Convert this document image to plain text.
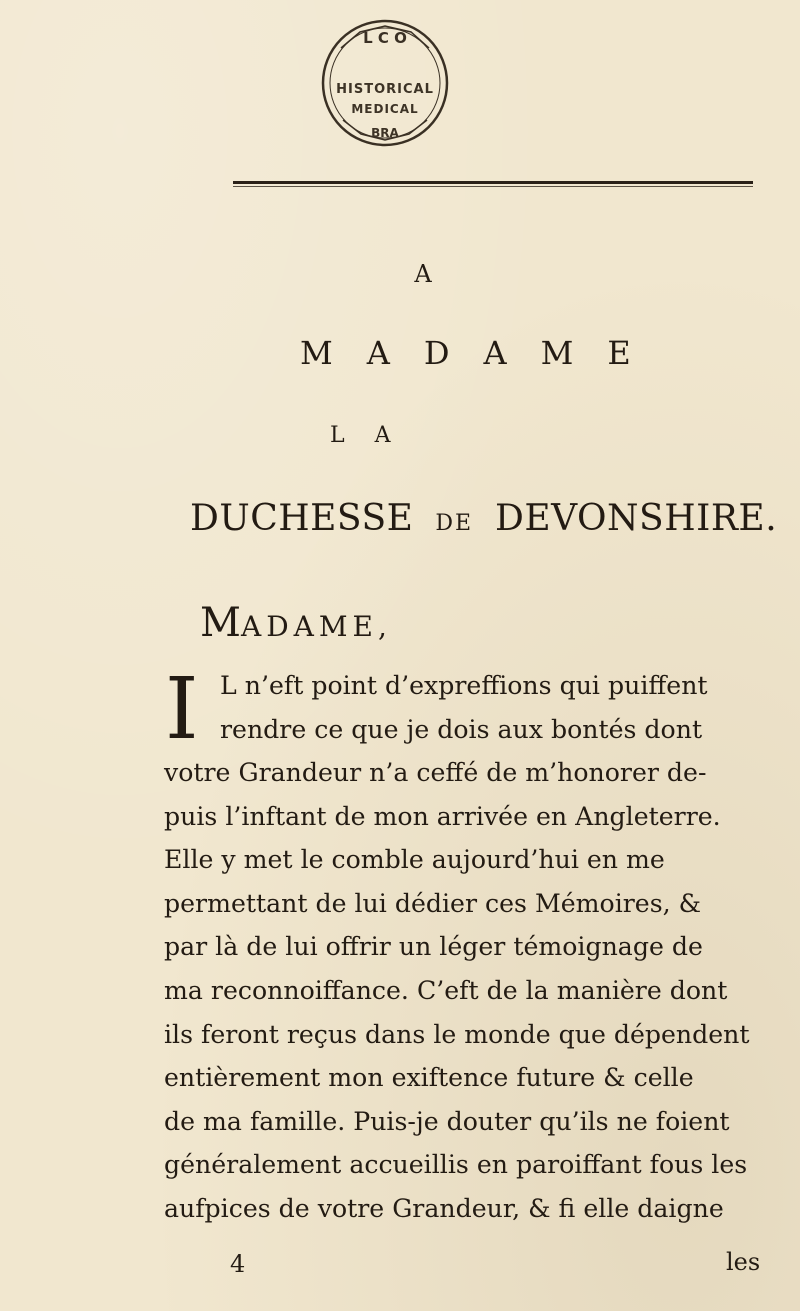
L C O
HISTORICAL
MEDICAL
BRA
A
MADAME
LA
DUCHESSE DE DEVONSHIRE.
MADAME,
I L n’eft point d’expreffions qui puiffent
rendre ce que je dois aux bontés dont
votre Grandeur n’a ceffé de m’honorer de-
puis l’inftant de mon arrivée en Angleterre.
Elle y met le comble aujourd’hui en me
permettant de lui dédier ces Mémoires, &
par là de lui offrir un léger témoignage de
ma reconnoiffance. C’eft de la manière dont
ils feront reçus dans le monde que dépendent
entièrement mon exiftence future & celle
de ma famille. Puis-je douter qu’ils ne foient
généralement accueillis en paroiffant fous les
aufpices de votre Grandeur, & fi elle daigne
4	les
